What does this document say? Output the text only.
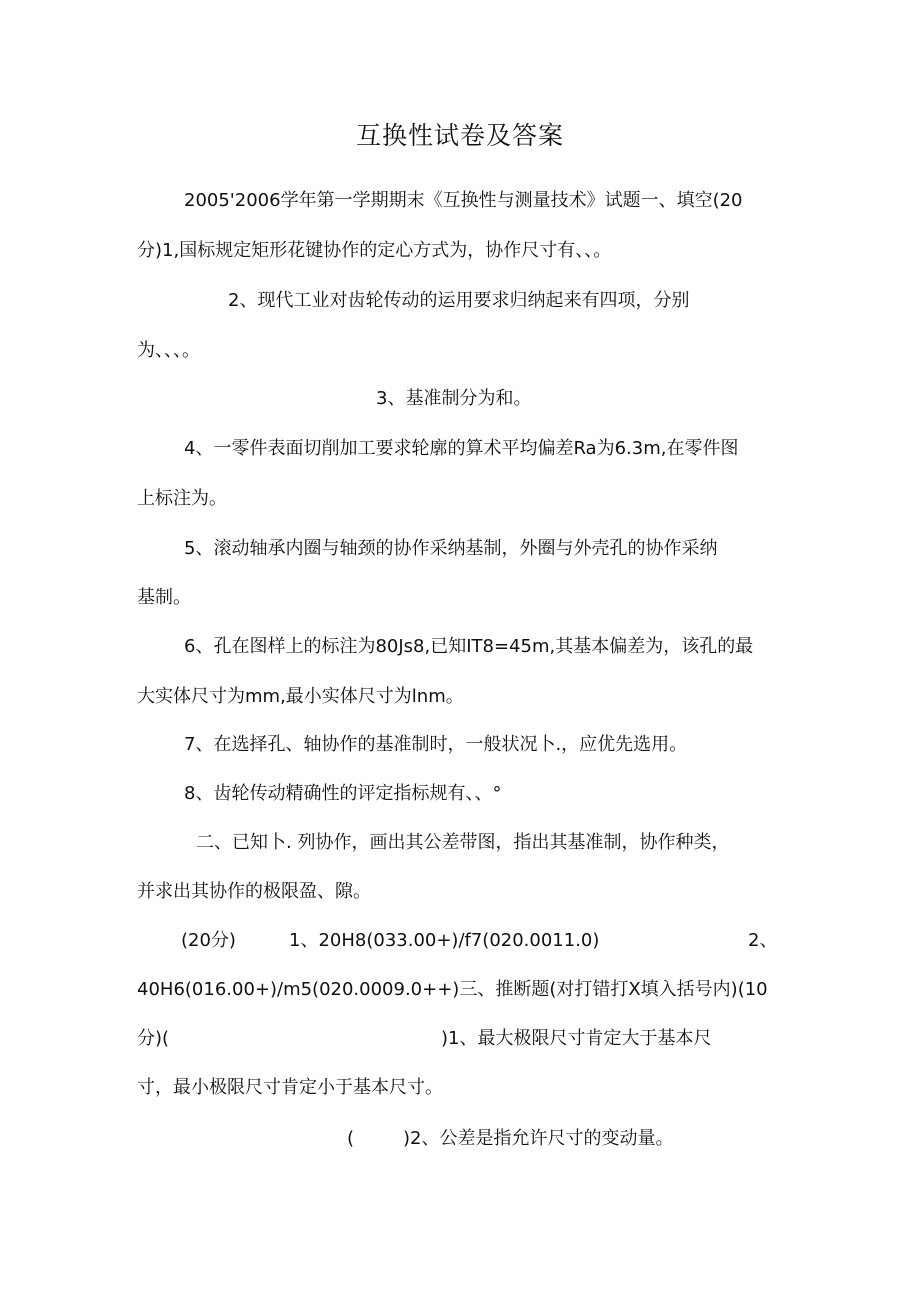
互换性试卷及答案
2005'2006学年第一学期期末《互换性与测量技术》试题一、填空(20
分)1,国标规定矩形花键协作的定心方式为，协作尺寸有、、。
2、现代工业对齿轮传动的运用要求归纳起来有四项，分别
为、、、。
3、基准制分为和。
4、一零件表面切削加工要求轮廓的算术平均偏差Ra为6.3m,在零件图
上标注为。
5、滚动轴承内圈与轴颈的协作采纳基制，外圈与外壳孔的协作采纳
基制。
6、孔在图样上的标注为80Js8,已知IT8=45m,其基本偏差为，该孔的最
大实体尺寸为mm,最小实体尺寸为lnm。
7、在选择孔、轴协作的基准制时，一般状况卜.，应优先选用。
8、齿轮传动精确性的评定指标规有、、°
二、已知卜. 列协作，画出其公差带图，指出其基准制，协作种类，
并求出其协作的极限盈、隙。
(20分)	1、20H8(033.00+)/f7(020.0011.0)	2、
40H6(016.00+)/m5(020.0009.0++)三、推断题(对打错打X填入括号内)(10
分)(	)1、最大极限尺寸肯定大于基本尺
寸，最小极限尺寸肯定小于基本尺寸。
(	)2、公差是指允许尺寸的变动量。
